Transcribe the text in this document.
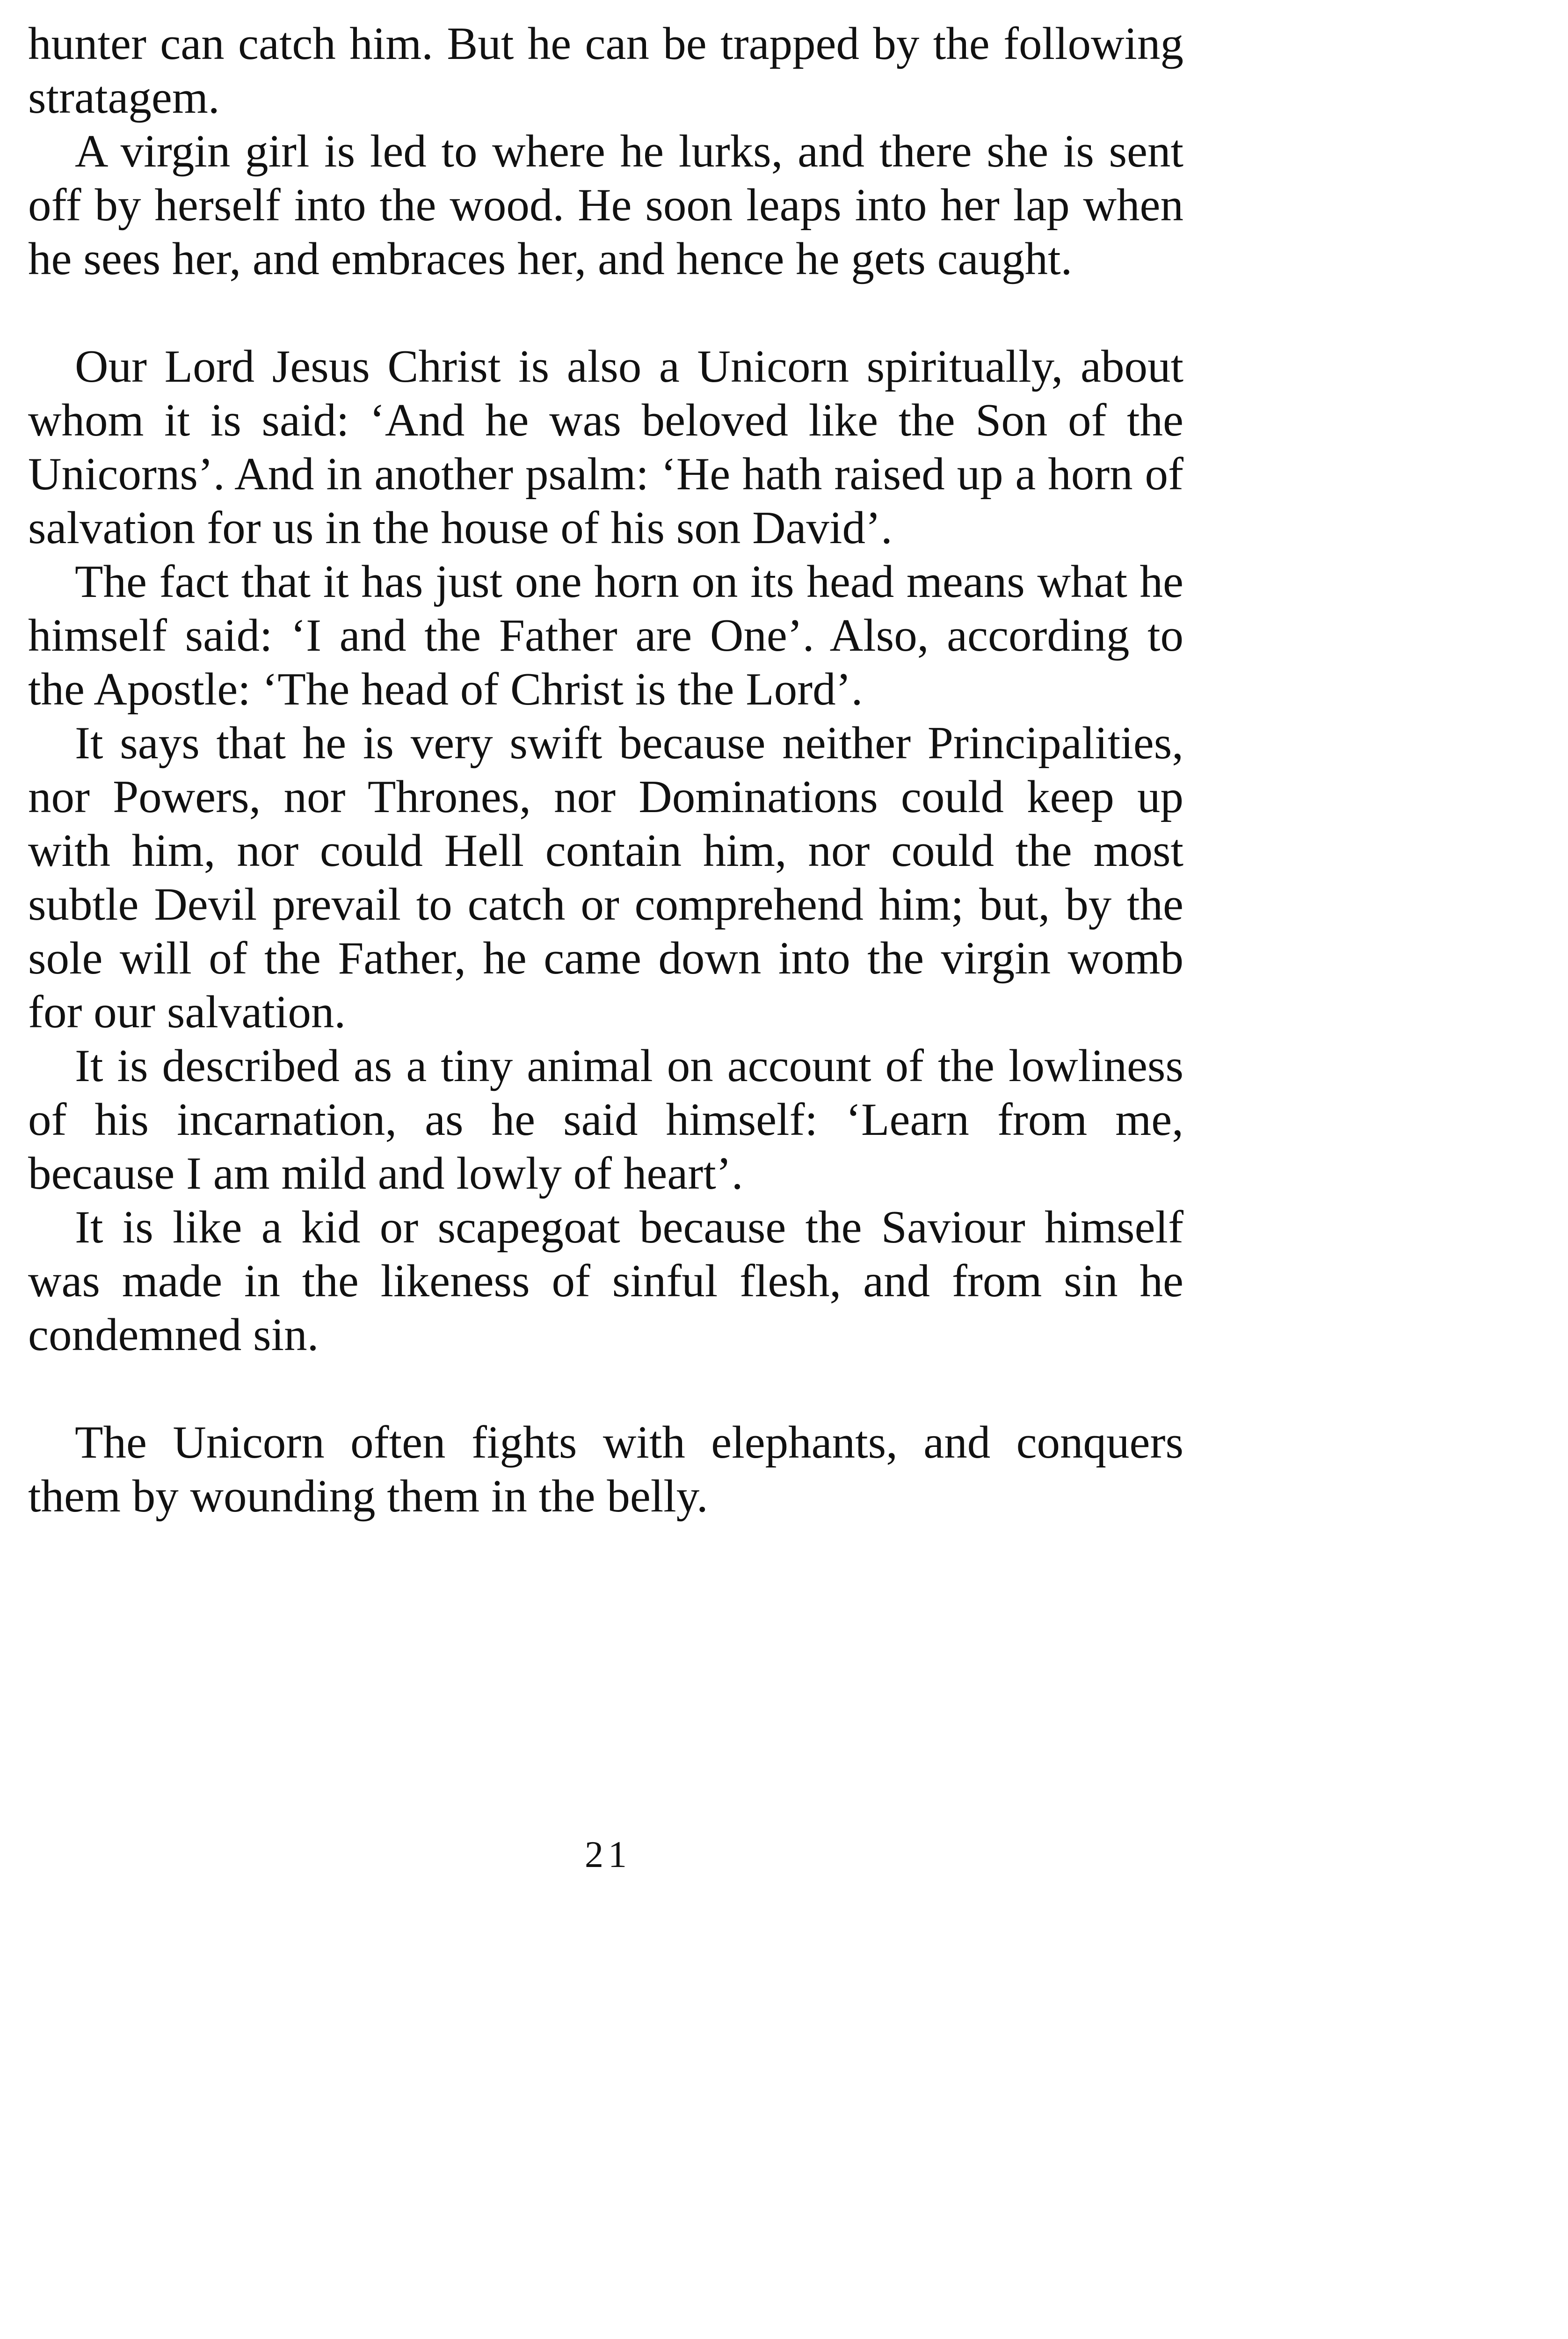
hunter can catch him. But he can be trapped by the following stratagem.

A virgin girl is led to where he lurks, and there she is sent off by herself into the wood. He soon leaps into her lap when he sees her, and embraces her, and hence he gets caught.

Our Lord Jesus Christ is also a Unicorn spiritually, about whom it is said: ‘And he was beloved like the Son of the Unicorns’. And in another psalm: ‘He hath raised up a horn of salvation for us in the house of his son David’.

The fact that it has just one horn on its head means what he himself said: ‘I and the Father are One’. Also, according to the Apostle: ‘The head of Christ is the Lord’.

It says that he is very swift because neither Principalities, nor Powers, nor Thrones, nor Dominations could keep up with him, nor could Hell contain him, nor could the most subtle Devil prevail to catch or comprehend him; but, by the sole will of the Father, he came down into the virgin womb for our salvation.

It is described as a tiny animal on account of the lowliness of his incarnation, as he said himself: ‘Learn from me, because I am mild and lowly of heart’.

It is like a kid or scapegoat because the Saviour himself was made in the likeness of sinful flesh, and from sin he condemned sin.

The Unicorn often fights with elephants, and conquers them by wounding them in the belly.

21
